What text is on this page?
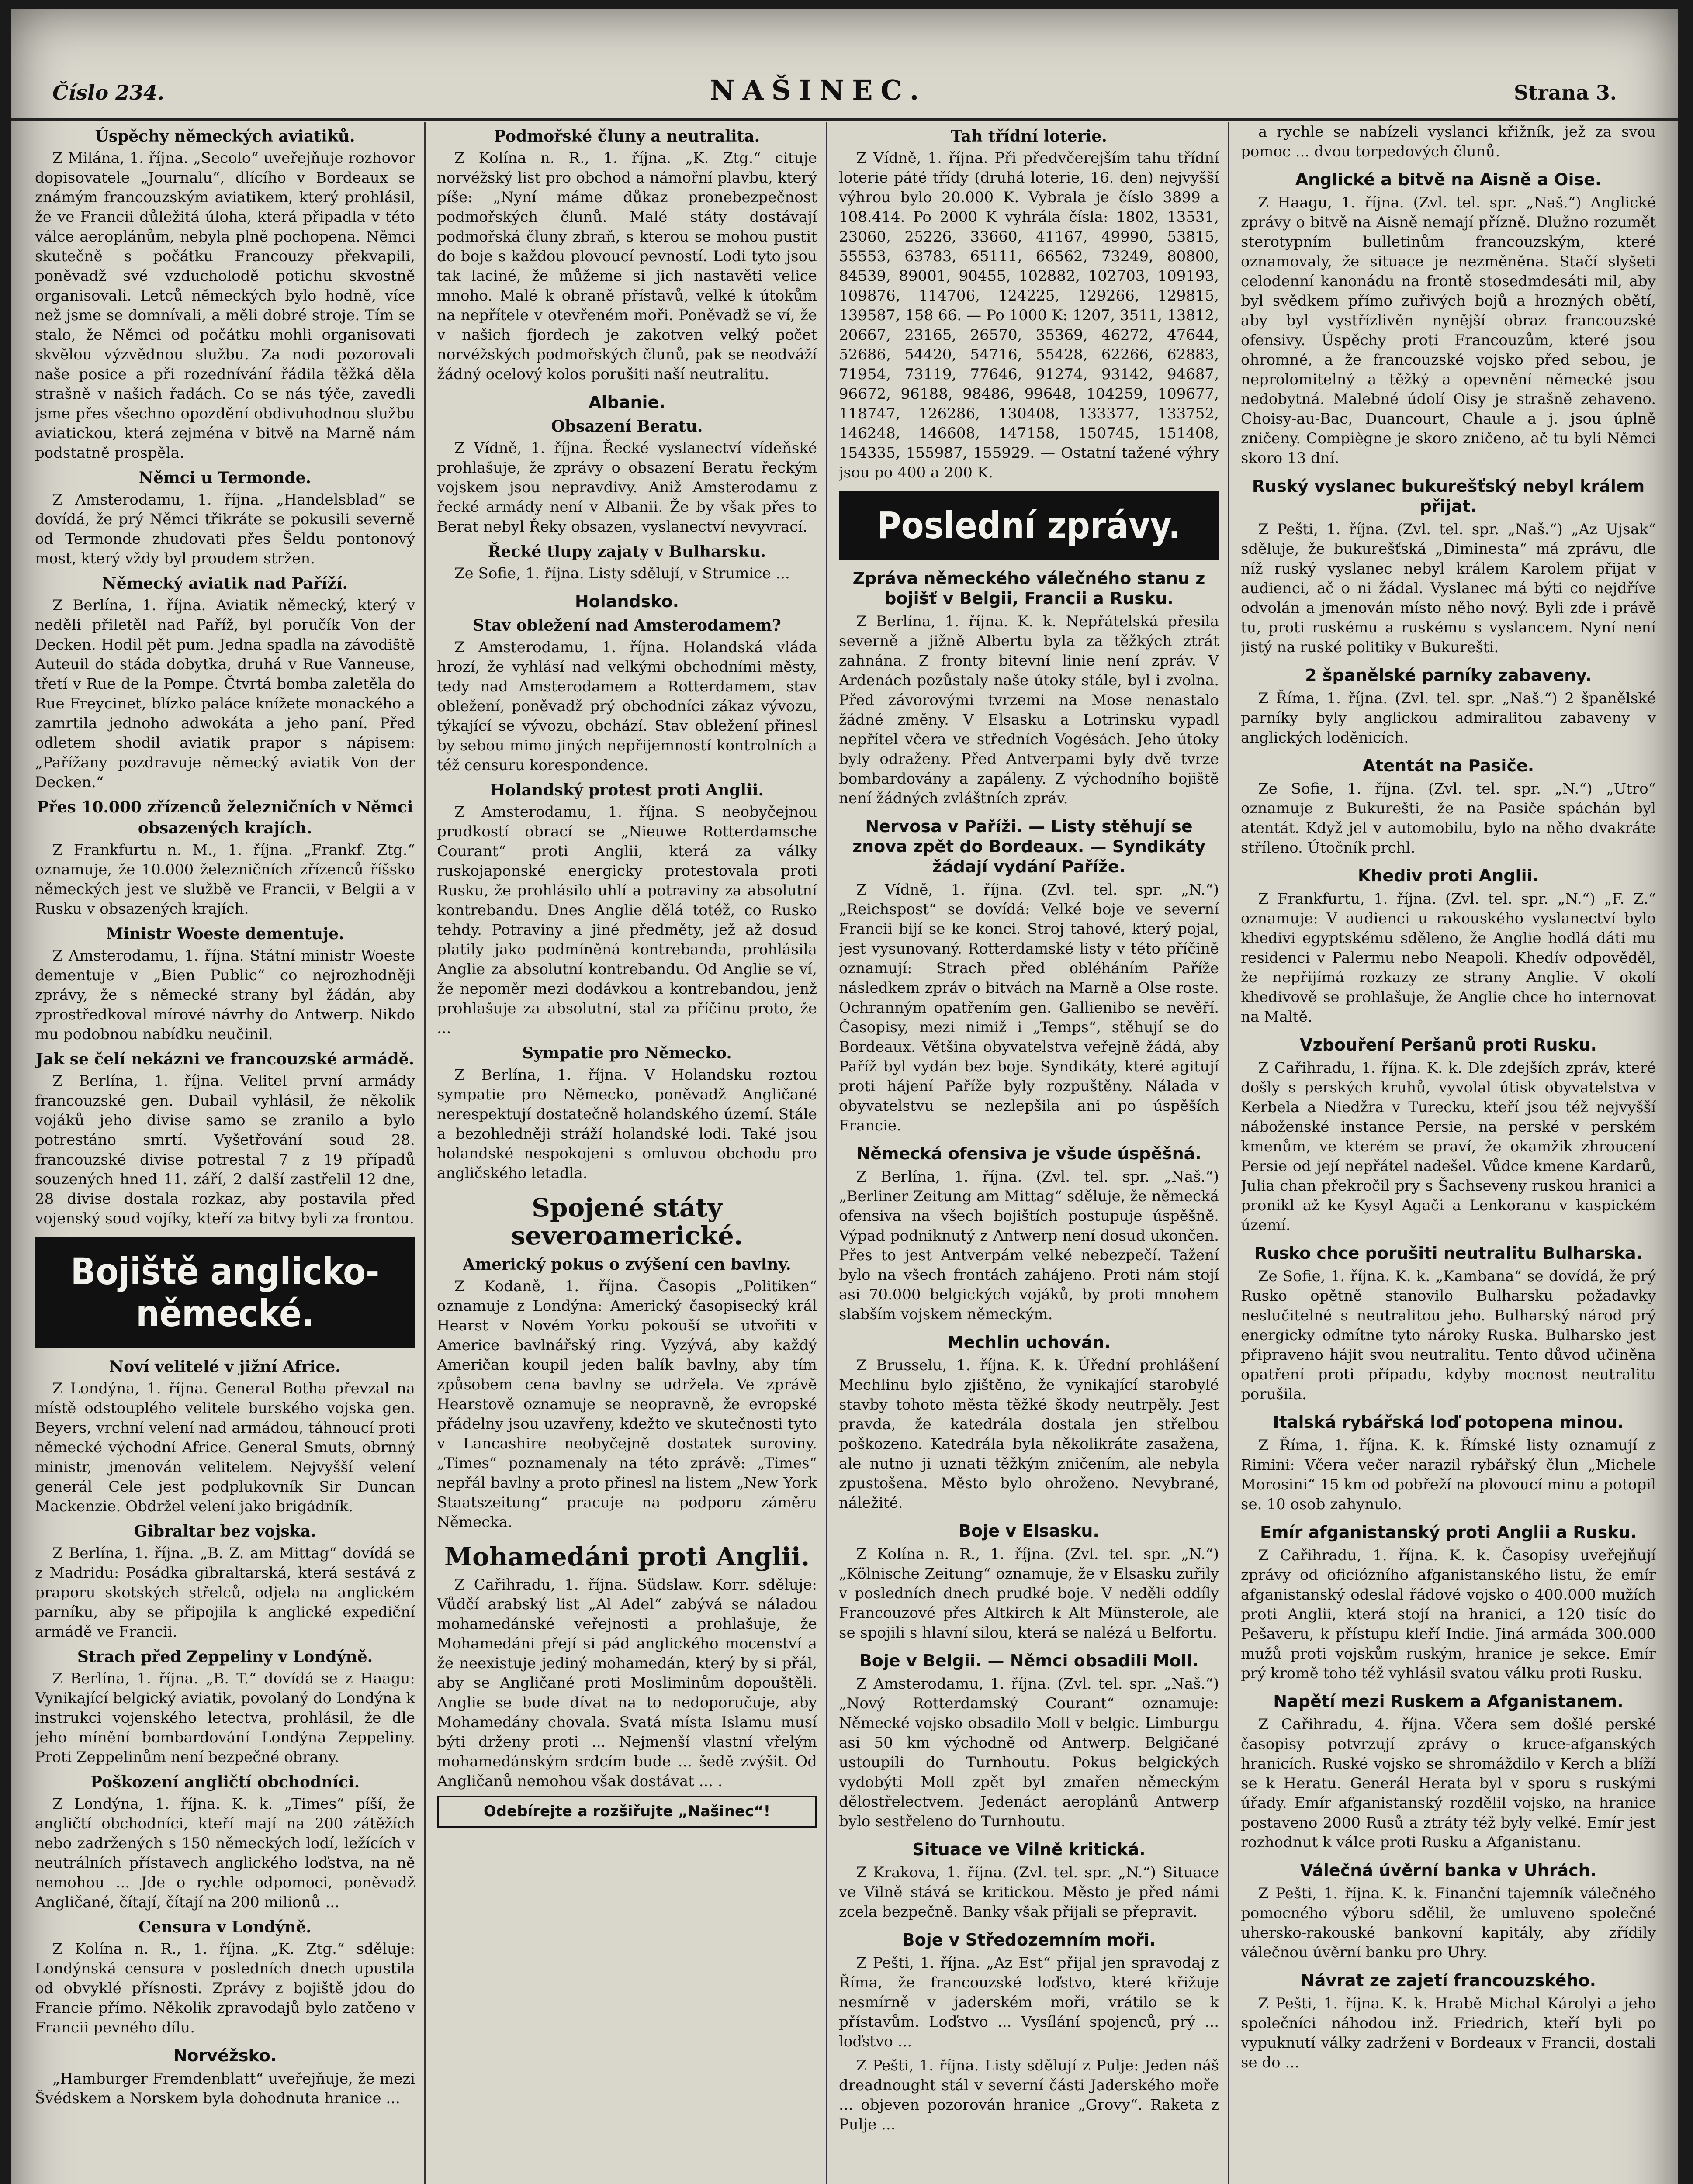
Číslo 234.	NAŠINEC.	Strana 3.
Úspěchy německých aviatiků.

Z Milána, 1. října. „Secolo“ uveřejňuje rozhovor dopisovatele „Journalu“, dlícího v Bordeaux se známým francouzským aviatikem, který prohlásil, že ve Francii důležitá úloha, která připadla v této válce aeroplánům, nebyla plně pochopena. Němci skutečně s počátku Francouzy překvapili, poněvadž své vzducholodě potichu skvostně organisovali. Letců německých bylo hodně, více než jsme se domnívali, a měli dobré stroje. Tím se stalo, že Němci od počátku mohli organisovati skvělou výzvědnou službu. Za nodi pozorovali naše posice a při rozednívání řádila těžká děla strašně v našich řadách. Co se nás týče, zavedli jsme přes všechno opozdění obdivuhodnou službu aviatickou, která zejména v bitvě na Marně nám podstatně prospěla.

Němci u Termonde.

Z Amsterodamu, 1. října. „Handelsblad“ se dovídá, že prý Němci třikráte se pokusili severně od Termonde zhudovati přes Šeldu pontonový most, který vždy byl proudem stržen.

Německý aviatik nad Paříží.

Z Berlína, 1. října. Aviatik německý, který v neděli přiletěl nad Paříž, byl poručík Von der Decken. Hodil pět pum. Jedna spadla na závodiště Auteuil do stáda dobytka, druhá v Rue Vanneuse, třetí v Rue de la Pompe. Čtvrtá bomba zaletěla do Rue Freycinet, blízko paláce knížete monackého a zamrtila jednoho adwokáta a jeho paní. Před odletem shodil aviatik prapor s nápisem: „Pařížany pozdravuje německý aviatik Von der Decken.“

Přes 10.000 zřízenců železničních v Němci obsazených krajích.

Z Frankfurtu n. M., 1. října. „Frankf. Ztg.“ oznamuje, že 10.000 železničních zřízenců říšsko německých jest ve službě ve Francii, v Belgii a v Rusku v obsazených krajích.

Ministr Woeste dementuje.

Z Amsterodamu, 1. října. Státní ministr Woeste dementuje v „Bien Public“ co nejrozhodněji zprávy, že s německé strany byl žádán, aby zprostředkoval mírové návrhy do Antwerp. Nikdo mu podobnou nabídku neučinil.

Jak se čelí nekázni ve francouzské armádě.

Z Berlína, 1. října. Velitel první armády francouzské gen. Dubail vyhlásil, že několik vojáků jeho divise samo se zranilo a bylo potrestáno smrtí. Vyšetřování soud 28. francouzské divise potrestal 7 z 19 případů souzených hned 11. září, 2 další zastřelil 12 dne, 28 divise dostala rozkaz, aby postavila před vojenský soud vojíky, kteří za bitvy byli za frontou.

Bojiště anglicko-německé.
Noví velitelé v jižní Africe.

Z Londýna, 1. října. General Botha převzal na místě odstouplého velitele burského vojska gen. Beyers, vrchní velení nad armádou, táhnoucí proti německé východní Africe. General Smuts, obrnný ministr, jmenován velitelem. Nejvyšší velení generál Cele jest podplukovník Sir Duncan Mackenzie. Obdržel velení jako brigádník.

Gibraltar bez vojska.

Z Berlína, 1. října. „B. Z. am Mittag“ dovídá se z Madridu: Posádka gibraltarská, která sestává z praporu skotských střelců, odjela na anglickém parníku, aby se připojila k anglické expediční armádě ve Francii.

Strach před Zeppeliny v Londýně.

Z Berlína, 1. října. „B. T.“ dovídá se z Haagu: Vynikající belgický aviatik, povolaný do Londýna k instrukci vojenského letectva, prohlásil, že dle jeho mínění bombardování Londýna Zeppeliny. Proti Zeppelinům není bezpečné obrany.

Poškození angličtí obchodníci.

Z Londýna, 1. října. K. k. „Times“ píší, že angličtí obchodníci, kteří mají na 200 zátěžích nebo zadržených s 150 německých lodí, ležících v neutrálních přístavech anglického loďstva, na ně nemohou ... Jde o rychle odpomoci, poněvadž Angličané, čítají, čítají na 200 milionů ...

Censura v Londýně.

Z Kolína n. R., 1. října. „K. Ztg.“ sděluje: Londýnská censura v posledních dnech upustila od obvyklé přísnosti. Zprávy z bojiště jdou do Francie přímo. Několik zpravodajů bylo zatčeno v Francii pevného dílu.

Norvéžsko.

„Hamburger Fremdenblatt“ uveřejňuje, že mezi Švédskem a Norskem byla dohodnuta hranice ...

Podmořské čluny a neutralita.

Z Kolína n. R., 1. října. „K. Ztg.“ cituje norvéžský list pro obchod a námořní plavbu, který píše: „Nyní máme důkaz pronebezpečnost podmořských člunů. Malé státy dostávají podmořská čluny zbraň, s kterou se mohou pustit do boje s každou plovoucí pevností. Lodi tyto jsou tak laciné, že můžeme si jich nastavěti velice mnoho. Malé k obraně přístavů, velké k útokům na nepřítele v otevřeném moři. Poněvadž se ví, že v našich fjordech je zakotven velký počet norvéžských podmořských člunů, pak se neodváží žádný ocelový kolos porušiti naší neutralitu.

Albanie.
Obsazení Beratu.

Z Vídně, 1. října. Řecké vyslanectví vídeňské prohlašuje, že zprávy o obsazení Beratu řeckým vojskem jsou nepravdivy. Aniž Amsterodamu z řecké armády není v Albanii. Že by však přes to Berat nebyl Řeky obsazen, vyslanectví nevyvrací.

Řecké tlupy zajaty v Bulharsku.

Ze Sofie, 1. října. Listy sdělují, v Strumice ...

Holandsko.
Stav obležení nad Amsterodamem?

Z Amsterodamu, 1. října. Holandská vláda hrozí, že vyhlásí nad velkými obchodními městy, tedy nad Amsterodamem a Rotterdamem, stav obležení, poněvadž prý obchodníci zákaz vývozu, týkající se vývozu, obchází. Stav obležení přinesl by sebou mimo jiných nepřijemností kontrolních a též censuru korespondence.

Holandský protest proti Anglii.

Z Amsterodamu, 1. října. S neobyčejnou prudkostí obrací se „Nieuwe Rotterdamsche Courant“ proti Anglii, která za války ruskojaponské energicky protestovala proti Rusku, že prohlásilo uhlí a potraviny za absolutní kontrebandu. Dnes Anglie dělá totéž, co Rusko tehdy. Potraviny a jiné předměty, jež až dosud platily jako podmíněná kontrebanda, prohlásila Anglie za absolutní kontrebandu. Od Anglie se ví, že nepoměr mezi dodávkou a kontrebandou, jenž prohlašuje za absolutní, stal za příčinu proto, že ...

Sympatie pro Německo.

Z Berlína, 1. října. V Holandsku roztou sympatie pro Německo, poněvadž Angličané nerespektují dostatečně holandského území. Stále a bezohledněji stráží holandské lodi. Také jsou holandské nespokojeni s omluvou obchodu pro angličského letadla.

Spojené státy severoamerické.
Americký pokus o zvýšení cen bavlny.

Z Kodaně, 1. října. Časopis „Politiken“ oznamuje z Londýna: Americký časopisecký král Hearst v Novém Yorku pokouší se utvořiti v Americe bavlnářský ring. Vyzývá, aby každý Američan koupil jeden balík bavlny, aby tím způsobem cena bavlny se udržela. Ve zprávě Hearstově oznamuje se neopravně, že evropské přádelny jsou uzavřeny, kdežto ve skutečnosti tyto v Lancashire neobyčejně dostatek suroviny. „Times“ poznamenaly na této zprávě: „Times“ nepřál bavlny a proto přinesl na listem „New York Staatszeitung“ pracuje na podporu záměru Německa.

Mohamedáni proti Anglii.

Z Cařihradu, 1. října. Südslaw. Korr. sděluje: Vůdčí arabský list „Al Adel“ zabývá se náladou mohamedánské veřejnosti a prohlašuje, že Mohamedáni přejí si pád anglického mocenství a že neexistuje jediný mohamedán, který by si přál, aby se Angličané proti Mosliminům dopouštěli. Anglie se bude dívat na to nedoporučuje, aby Mohamedány chovala. Svatá místa Islamu musí býti drženy proti ... Nejmenší vlastní vřelým mohamedánským srdcím bude ... šedě zvýšit. Od Angličanů nemohou však dostávat ... .

Odebírejte a rozšiřujte „Našinec“!
Tah třídní loterie.

Z Vídně, 1. října. Při předvčerejším tahu třídní loterie páté třídy (druhá loterie, 16. den) nejvyšší výhrou bylo 20.000 K. Vybrala je číslo 3899 a 108.414. Po 2000 K vyhrála čísla: 1802, 13531, 23060, 25226, 33660, 41167, 49990, 53815, 55553, 63783, 65111, 66562, 73249, 80800, 84539, 89001, 90455, 102882, 102703, 109193, 109876, 114706, 124225, 129266, 129815, 139587, 158 66. — Po 1000 K: 1207, 3511, 13812, 20667, 23165, 26570, 35369, 46272, 47644, 52686, 54420, 54716, 55428, 62266, 62883, 71954, 73119, 77646, 91274, 93142, 94687, 96672, 96188, 98486, 99648, 104259, 109677, 118747, 126286, 130408, 133377, 133752, 146248, 146608, 147158, 150745, 151408, 154335, 155987, 155929. — Ostatní tažené výhry jsou po 400 a 200 K.

Poslední zprávy.
Zpráva německého válečného stanu z bojišť v Belgii, Francii a Rusku.

Z Berlína, 1. října. K. k. Nepřátelská přesila severně a jižně Albertu byla za těžkých ztrát zahnána. Z fronty bitevní linie není zpráv. V Ardenách pozůstaly naše útoky stále, byl i zvolna. Před závorovými tvrzemi na Mose nenastalo žádné změny. V Elsasku a Lotrinsku vypadl nepřítel včera ve středních Vogésách. Jeho útoky byly odraženy. Před Antverpami byly dvě tvrze bombardovány a zapáleny. Z východního bojiště není žádných zvláštních zpráv.

Nervosa v Paříži. — Listy stěhují se znova zpět do Bordeaux. — Syndikáty žádají vydání Paříže.

Z Vídně, 1. října. (Zvl. tel. spr. „N.“) „Reichspost“ se dovídá: Velké boje ve severní Francii bijí se ke konci. Stroj tahové, který pojal, jest vysunovaný. Rotterdamské listy v této příčině oznamují: Strach před obléháním Paříže následkem zpráv o bitvách na Marně a Olse roste. Ochranným opatřením gen. Gallienibo se nevěří. Časopisy, mezi nimiž i „Temps“, stěhují se do Bordeaux. Většina obyvatelstva veřejně žádá, aby Paříž byl vydán bez boje. Syndikáty, které agitují proti hájení Paříže byly rozpuštěny. Nálada v obyvatelstvu se nezlepšila ani po úspěších Francie.

Německá ofensiva je všude úspěšná.

Z Berlína, 1. října. (Zvl. tel. spr. „Naš.“) „Berliner Zeitung am Mittag“ sděluje, že německá ofensiva na všech bojištích postupuje úspěšně. Výpad podniknutý z Antwerp není dosud ukončen. Přes to jest Antverpám velké nebezpečí. Tažení bylo na všech frontách zahájeno. Proti nám stojí asi 70.000 belgických vojáků, by proti mnohem slabším vojskem německým.

Mechlin uchován.

Z Brusselu, 1. října. K. k. Úřední prohlášení Mechlinu bylo zjištěno, že vynikající starobylé stavby tohoto města těžké škody neutrpěly. Jest pravda, že katedrála dostala jen střelbou poškozeno. Katedrála byla několikráte zasažena, ale nutno ji uznati těžkým zničením, ale nebyla zpustošena. Město bylo ohroženo. Nevybrané, náležité.

Boje v Elsasku.

Z Kolína n. R., 1. října. (Zvl. tel. spr. „N.“) „Kölnische Zeitung“ oznamuje, že v Elsasku zuřily v posledních dnech prudké boje. V neděli oddíly Francouzové přes Altkirch k Alt Münsterole, ale se spojili s hlavní silou, která se nalézá u Belfortu.

Boje v Belgii. — Němci obsadili Moll.

Z Amsterodamu, 1. října. (Zvl. tel. spr. „Naš.“) „Nový Rotterdamský Courant“ oznamuje: Německé vojsko obsadilo Moll v belgic. Limburgu asi 50 km východně od Antwerp. Belgičané ustoupili do Turnhoutu. Pokus belgických vydobýti Moll zpět byl zmařen německým dělostřelectvem. Jedenáct aeroplánů Antwerp bylo sestřeleno do Turnhoutu.

Situace ve Vilně kritická.

Z Krakova, 1. října. (Zvl. tel. spr. „N.“) Situace ve Vilně stává se kritickou. Město je před námi zcela bezpečně. Banky však přijali se přepravit.

Boje v Středozemním moři.

Z Pešti, 1. října. „Az Est“ přijal jen spravodaj z Říma, že francouzské loďstvo, které křižuje nesmírně v jaderském moři, vrátilo se k přístavům. Loďstvo ... Vysílání spojenců, prý ... loďstvo ...

Z Pešti, 1. října. Listy sdělují z Pulje: Jeden náš dreadnought stál v severní části Jaderského moře ... objeven pozorován hranice „Grovy“. Raketa z Pulje ...

a rychle se nabízeli vyslanci křižník, jež za svou pomoc ... dvou torpedových člunů.

Anglické a bitvě na Aisně a Oise.

Z Haagu, 1. října. (Zvl. tel. spr. „Naš.“) Anglické zprávy o bitvě na Aisně nemají přízně. Dlužno rozumět sterotypním bulletinům francouzským, které oznamovaly, že situace je nezměněna. Stačí slyšeti celodenní kanonádu na frontě stosedmdesáti mil, aby byl svědkem přímo zuřivých bojů a hrozných obětí, aby byl vystřízlivěn nynější obraz francouzské ofensivy. Úspěchy proti Francouzům, které jsou ohromné, a že francouzské vojsko před sebou, je neprolomitelný a těžký a opevnění německé jsou nedobytná. Malebné údolí Oisy je strašně zehaveno. Choisy-au-Bac, Duancourt, Chaule a j. jsou úplně zničeny. Compiègne je skoro zničeno, ač tu byli Němci skoro 13 dní.

Ruský vyslanec bukurešťský nebyl králem přijat.

Z Pešti, 1. října. (Zvl. tel. spr. „Naš.“) „Az Ujsak“ sděluje, že bukurešťská „Diminesta“ má zprávu, dle níž ruský vyslanec nebyl králem Karolem přijat v audienci, ač o ni žádal. Vyslanec má býti co nejdříve odvolán a jmenován místo něho nový. Byli zde i právě tu, proti ruskému a ruskému s vyslancem. Nyní není jistý na ruské politiky v Bukurešti.

2 španělské parníky zabaveny.

Z Říma, 1. října. (Zvl. tel. spr. „Naš.“) 2 španělské parníky byly anglickou admiralitou zabaveny v anglických loděnicích.

Atentát na Pasiče.

Ze Sofie, 1. října. (Zvl. tel. spr. „N.“) „Utro“ oznamuje z Bukurešti, že na Pasiče spáchán byl atentát. Když jel v automobilu, bylo na něho dvakráte stříleno. Útočník prchl.

Khediv proti Anglii.

Z Frankfurtu, 1. října. (Zvl. tel. spr. „N.“) „F. Z.“ oznamuje: V audienci u rakouského vyslanectví bylo khedivi egyptskému sděleno, že Anglie hodlá dáti mu residenci v Palermu nebo Neapoli. Khedív odpověděl, že nepřijímá rozkazy ze strany Anglie. V okolí khedivově se prohlašuje, že Anglie chce ho internovat na Maltě.

Vzbouření Peršanů proti Rusku.

Z Cařihradu, 1. října. K. k. Dle zdejších zpráv, které došly s perských kruhů, vyvolal útisk obyvatelstva v Kerbela a Niedžra v Turecku, kteří jsou též nejvyšší náboženské instance Persie, na perské v perském kmenům, ve kterém se praví, že okamžik zhroucení Persie od její nepřátel nadešel. Vůdce kmene Kardarů, Julia chan překročil pry s Šachseveny ruskou hranici a pronikl až ke Kysyl Agači a Lenkoranu v kaspickém území.

Rusko chce porušiti neutralitu Bulharska.

Ze Sofie, 1. října. K. k. „Kambana“ se dovídá, že prý Rusko opětně stanovilo Bulharsku požadavky neslučitelné s neutralitou jeho. Bulharský národ prý energicky odmítne tyto nároky Ruska. Bulharsko jest připraveno hájit svou neutralitu. Tento důvod učiněna opatření proti případu, kdyby mocnost neutralitu porušila.

Italská rybářská loď potopena minou.

Z Říma, 1. října. K. k. Římské listy oznamují z Rimini: Včera večer narazil rybářský člun „Michele Morosini“ 15 km od pobřeží na plovoucí minu a potopil se. 10 osob zahynulo.

Emír afganistanský proti Anglii a Rusku.

Z Cařihradu, 1. října. K. k. Časopisy uveřejňují zprávy od oficiózního afganistanského listu, že emír afganistanský odeslal řádové vojsko o 400.000 mužích proti Anglii, která stojí na hranici, a 120 tisíc do Pešaveru, k přístupu kleří Indie. Jiná armáda 300.000 mužů proti vojskům ruským, hranice je sekce. Emír prý kromě toho též vyhlásil svatou válku proti Rusku.

Napětí mezi Ruskem a Afganistanem.

Z Cařihradu, 4. října. Včera sem došlé perské časopisy potvrzují zprávy o kruce-afganských hranicích. Ruské vojsko se shromáždilo v Kerch a blíží se k Heratu. Generál Herata byl v sporu s ruskými úřady. Emír afganistanský rozdělil vojsko, na hranice postaveno 2000 Rusů a ztráty též byly velké. Emír jest rozhodnut k válce proti Rusku a Afganistanu.

Válečná úvěrní banka v Uhrách.

Z Pešti, 1. října. K. k. Finanční tajemník válečného pomocného výboru sdělil, že umluveno společné uhersko-rakouské bankovní kapitály, aby zřídily válečnou úvěrní banku pro Uhry.

Návrat ze zajetí francouzského.

Z Pešti, 1. října. K. k. Hrabě Michal Károlyi a jeho společníci náhodou inž. Friedrich, kteří byli po vypuknutí války zadrženi v Bordeaux v Francii, dostali se do ...
